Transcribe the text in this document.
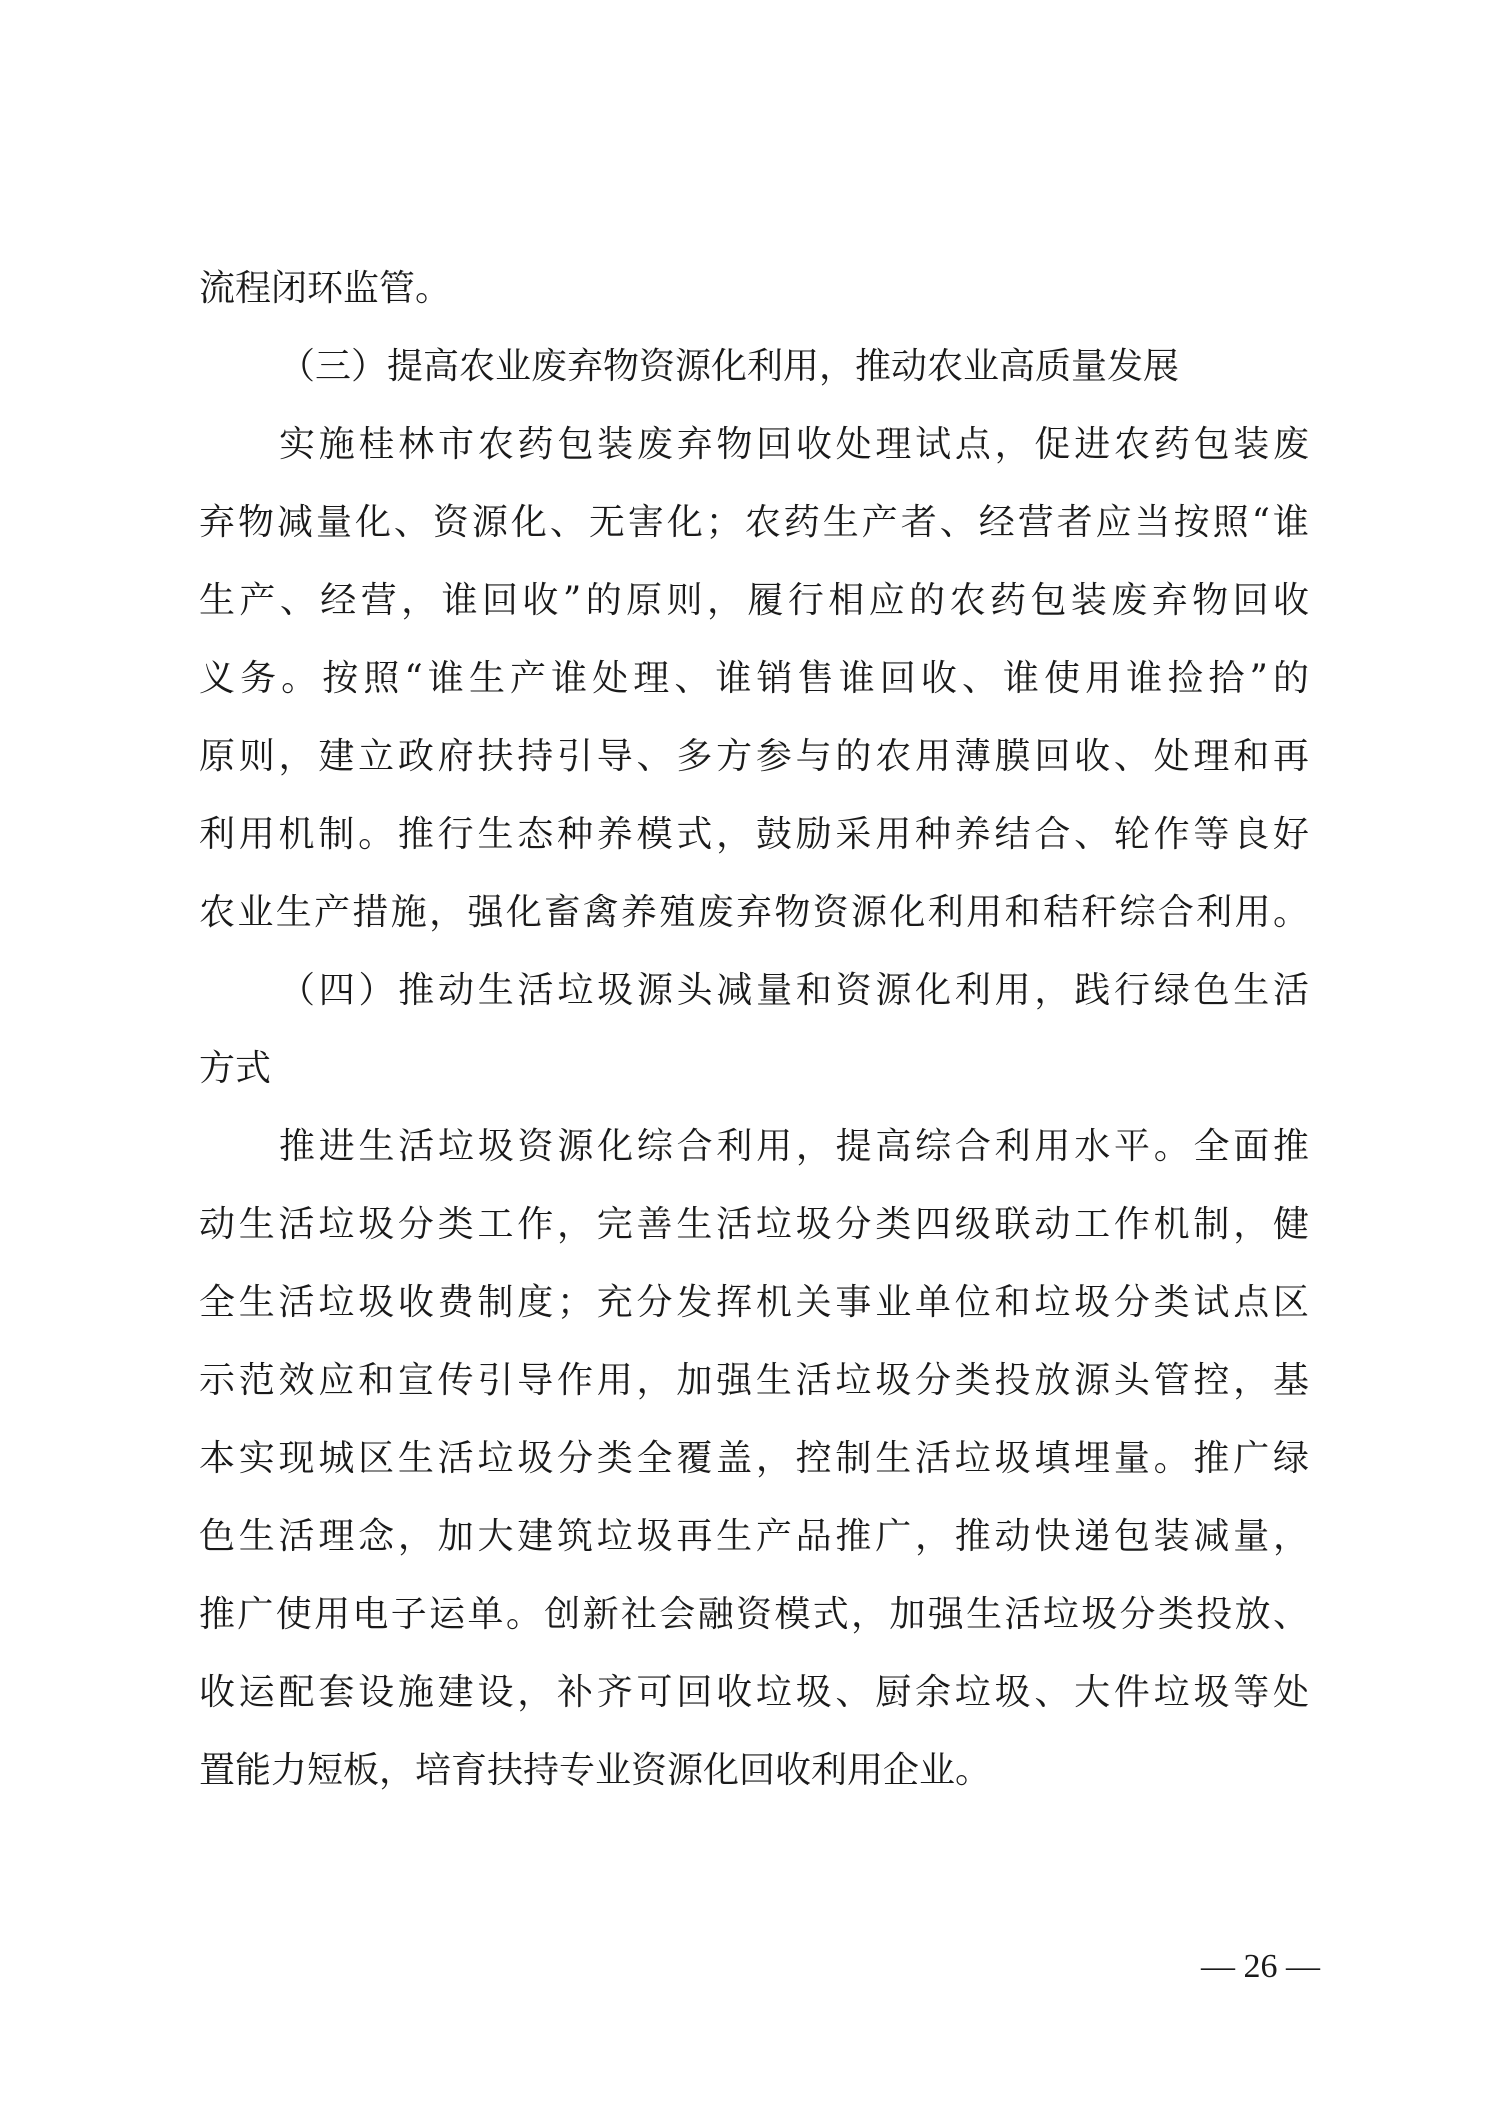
流程闭环监管。
（三）提高农业废弃物资源化利用，推动农业高质量发展
实施桂林市农药包装废弃物回收处理试点，促进农药包装废
弃物减量化、资源化、无害化；农药生产者、经营者应当按照“谁
生产、经营，谁回收”的原则，履行相应的农药包装废弃物回收
义务。按照“谁生产谁处理、谁销售谁回收、谁使用谁捡拾”的
原则，建立政府扶持引导、多方参与的农用薄膜回收、处理和再
利用机制。推行生态种养模式，鼓励采用种养结合、轮作等良好
农业生产措施，强化畜禽养殖废弃物资源化利用和秸秆综合利用。
（四）推动生活垃圾源头减量和资源化利用，践行绿色生活
方式
推进生活垃圾资源化综合利用，提高综合利用水平。全面推
动生活垃圾分类工作，完善生活垃圾分类四级联动工作机制，健
全生活垃圾收费制度；充分发挥机关事业单位和垃圾分类试点区
示范效应和宣传引导作用，加强生活垃圾分类投放源头管控，基
本实现城区生活垃圾分类全覆盖，控制生活垃圾填埋量。推广绿
色生活理念，加大建筑垃圾再生产品推广，推动快递包装减量，
推广使用电子运单。创新社会融资模式，加强生活垃圾分类投放、
收运配套设施建设，补齐可回收垃圾、厨余垃圾、大件垃圾等处
置能力短板，培育扶持专业资源化回收利用企业。
— 26 —
